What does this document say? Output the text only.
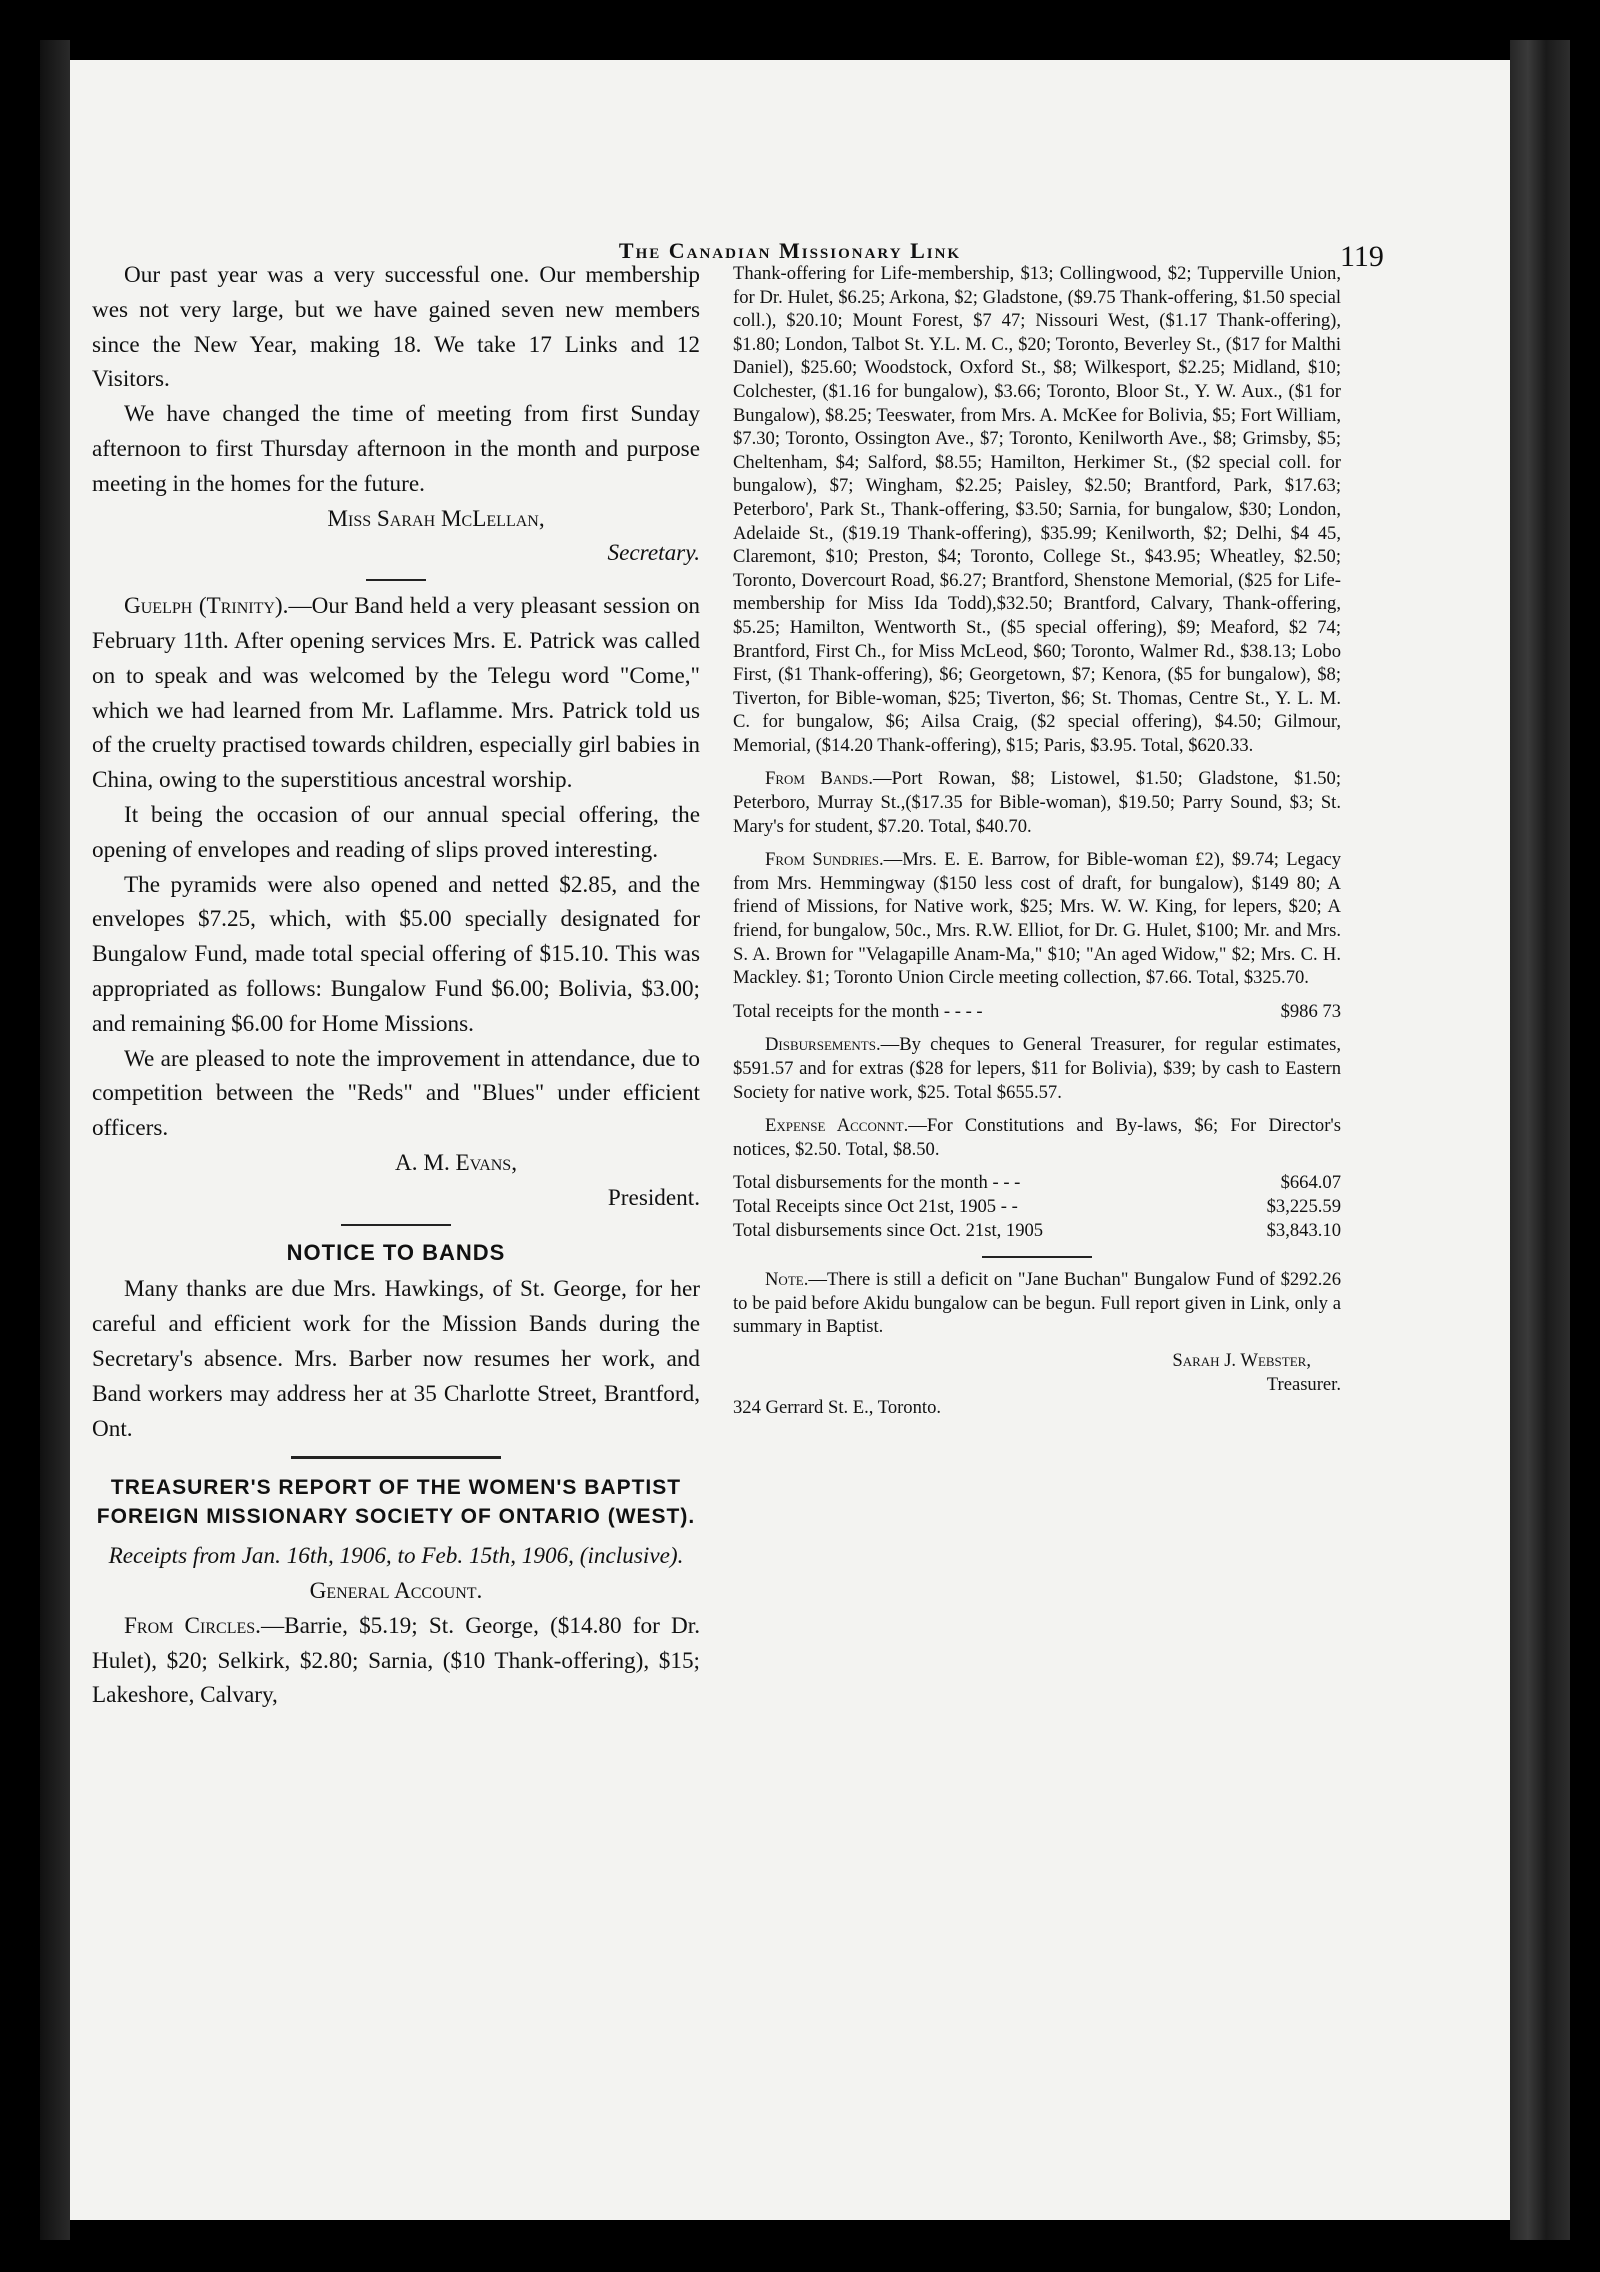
The Canadian Missionary Link	119

Our past year was a very successful one. Our membership wes not very large, but we have gained seven new members since the New Year, making 18. We take 17 Links and 12 Visitors.

We have changed the time of meeting from first Sunday afternoon to first Thursday afternoon in the month and purpose meeting in the homes for the future.

Miss Sarah McLellan,

Secretary.

Guelph (Trinity).—Our Band held a very pleasant session on February 11th. After opening services Mrs. E. Patrick was called on to speak and was welcomed by the Telegu word "Come," which we had learned from Mr. Laflamme. Mrs. Patrick told us of the cruelty practised towards children, especially girl babies in China, owing to the superstitious ancestral worship.

It being the occasion of our annual special offering, the opening of envelopes and reading of slips proved interesting.

The pyramids were also opened and netted $2.85, and the envelopes $7.25, which, with $5.00 specially designated for Bungalow Fund, made total special offering of $15.10. This was appropriated as follows: Bungalow Fund $6.00; Bolivia, $3.00; and remaining $6.00 for Home Missions.

We are pleased to note the improvement in attendance, due to competition between the "Reds" and "Blues" under efficient officers.

A. M. Evans,

President.

NOTICE TO BANDS

Many thanks are due Mrs. Hawkings, of St. George, for her careful and efficient work for the Mission Bands during the Secretary's absence. Mrs. Barber now resumes her work, and Band workers may address her at 35 Charlotte Street, Brantford, Ont.

TREASURER'S REPORT OF THE WOMEN'S BAPTIST FOREIGN MISSIONARY SOCIETY OF ONTARIO (WEST).

Receipts from Jan. 16th, 1906, to Feb. 15th, 1906, (inclusive).

General Account.

From Circles.—Barrie, $5.19; St. George, ($14.80 for Dr. Hulet), $20; Selkirk, $2.80; Sarnia, ($10 Thank-offering), $15; Lakeshore, Calvary,

Thank-offering for Life-membership, $13; Collingwood, $2; Tupperville Union, for Dr. Hulet, $6.25; Arkona, $2; Gladstone, ($9.75 Thank-offering, $1.50 special coll.), $20.10; Mount Forest, $7 47; Nissouri West, ($1.17 Thank-offering), $1.80; London, Talbot St. Y.L. M. C., $20; Toronto, Beverley St., ($17 for Malthi Daniel), $25.60; Woodstock, Oxford St., $8; Wilkesport, $2.25; Midland, $10; Colchester, ($1.16 for bungalow), $3.66; Toronto, Bloor St., Y. W. Aux., ($1 for Bungalow), $8.25; Teeswater, from Mrs. A. McKee for Bolivia, $5; Fort William, $7.30; Toronto, Ossington Ave., $7; Toronto, Kenilworth Ave., $8; Grimsby, $5; Cheltenham, $4; Salford, $8.55; Hamilton, Herkimer St., ($2 special coll. for bungalow), $7; Wingham, $2.25; Paisley, $2.50; Brantford, Park, $17.63; Peterboro', Park St., Thank-offering, $3.50; Sarnia, for bungalow, $30; London, Adelaide St., ($19.19 Thank-offering), $35.99; Kenilworth, $2; Delhi, $4 45, Claremont, $10; Preston, $4; Toronto, College St., $43.95; Wheatley, $2.50; Toronto, Dovercourt Road, $6.27; Brantford, Shenstone Memorial, ($25 for Life-membership for Miss Ida Todd),$32.50; Brantford, Calvary, Thank-offering, $5.25; Hamilton, Wentworth St., ($5 special offering), $9; Meaford, $2 74; Brantford, First Ch., for Miss McLeod, $60; Toronto, Walmer Rd., $38.13; Lobo First, ($1 Thank-offering), $6; Georgetown, $7; Kenora, ($5 for bungalow), $8; Tiverton, for Bible-woman, $25; Tiverton, $6; St. Thomas, Centre St., Y. L. M. C. for bungalow, $6; Ailsa Craig, ($2 special offering), $4.50; Gilmour, Memorial, ($14.20 Thank-offering), $15; Paris, $3.95. Total, $620.33.

From Bands.—Port Rowan, $8; Listowel, $1.50; Gladstone, $1.50; Peterboro, Murray St.,($17.35 for Bible-woman), $19.50; Parry Sound, $3; St. Mary's for student, $7.20. Total, $40.70.

From Sundries.—Mrs. E. E. Barrow, for Bible-woman £2), $9.74; Legacy from Mrs. Hemmingway ($150 less cost of draft, for bungalow), $149 80; A friend of Missions, for Native work, $25; Mrs. W. W. King, for lepers, $20; A friend, for bungalow, 50c., Mrs. R.W. Elliot, for Dr. G. Hulet, $100; Mr. and Mrs. S. A. Brown for "Velagapille Anam-Ma," $10; "An aged Widow," $2; Mrs. C. H. Mackley. $1; Toronto Union Circle meeting collection, $7.66. Total, $325.70.

Total receipts for the month - - - -	$986 73

Disbursements.—By cheques to General Treasurer, for regular estimates, $591.57 and for extras ($28 for lepers, $11 for Bolivia), $39; by cash to Eastern Society for native work, $25. Total $655.57.

Expense Acconnt.—For Constitutions and By-laws, $6; For Director's notices, $2.50. Total, $8.50.

Total disbursements for the month - - -	$664.07
Total Receipts since Oct 21st, 1905 - -	$3,225.59
Total disbursements since Oct. 21st, 1905	$3,843.10

Note.—There is still a deficit on "Jane Buchan" Bungalow Fund of $292.26 to be paid before Akidu bungalow can be begun. Full report given in Link, only a summary in Baptist.

Sarah J. Webster,

Treasurer.

324 Gerrard St. E., Toronto.
